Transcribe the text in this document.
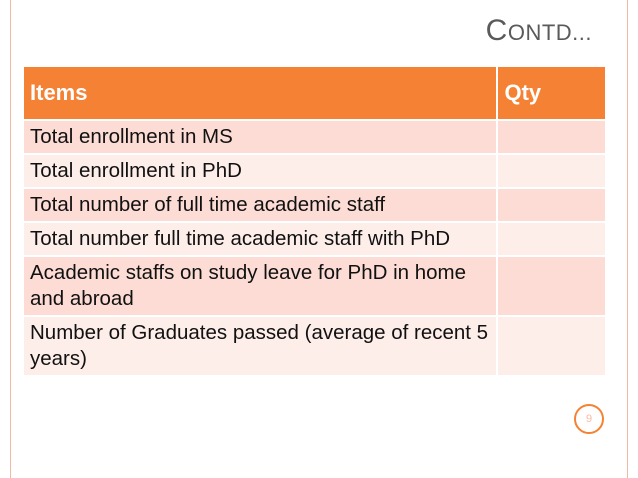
CONTD...
Items	Qty
Total enrollment in MS	
Total enrollment in PhD	
Total number of full time academic staff	
Total number full time academic staff with PhD	
Academic staffs on study leave for PhD in home and abroad	
Number of Graduates passed (average of recent 5 years)	
9
